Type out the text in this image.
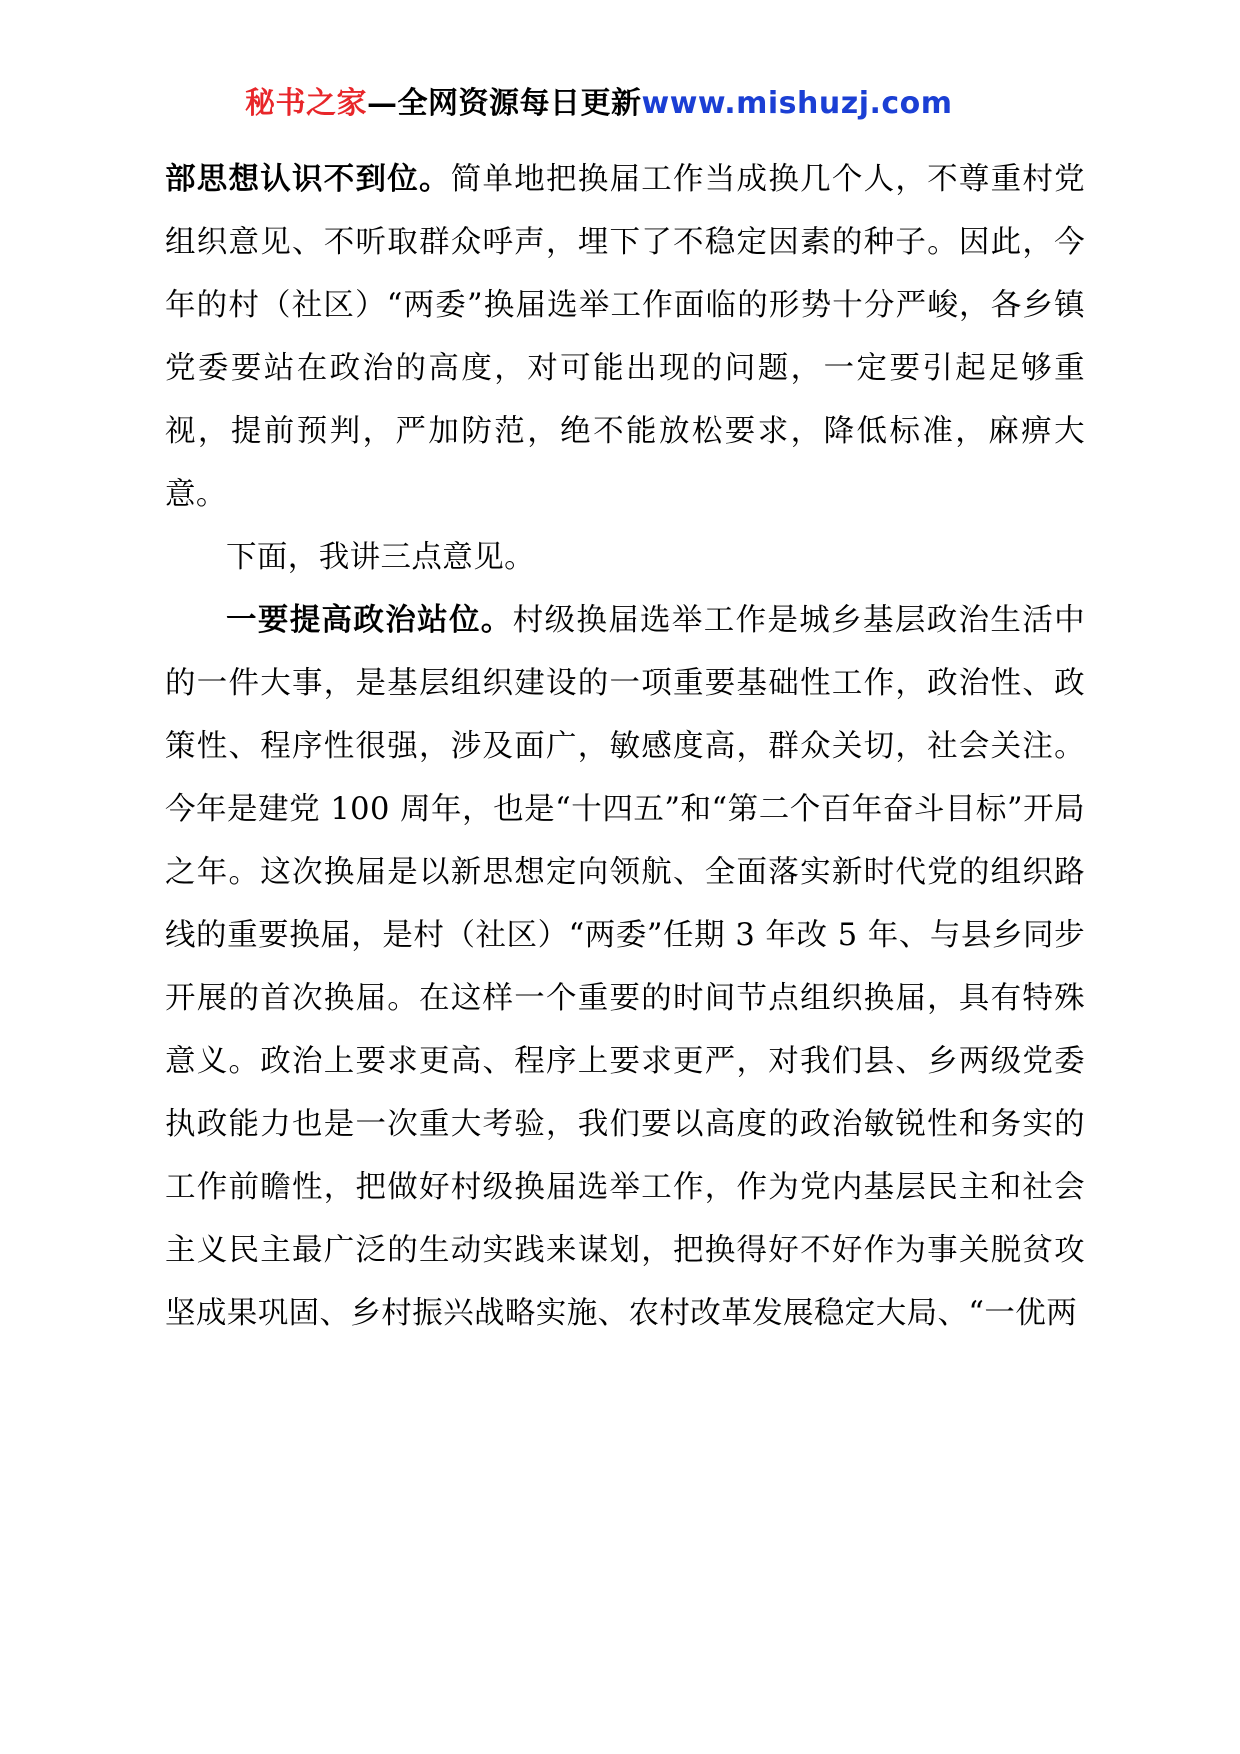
秘书之家—全网资源每日更新www.mishuzj.com

部思想认识不到位。简单地把换届工作当成换几个人，不尊重村党组织意见、不听取群众呼声，埋下了不稳定因素的种子。因此，今年的村（社区）“两委”换届选举工作面临的形势十分严峻，各乡镇党委要站在政治的高度，对可能出现的问题，一定要引起足够重视，提前预判，严加防范，绝不能放松要求，降低标准，麻痹大意。

下面，我讲三点意见。

一要提高政治站位。村级换届选举工作是城乡基层政治生活中的一件大事，是基层组织建设的一项重要基础性工作，政治性、政策性、程序性很强，涉及面广，敏感度高，群众关切，社会关注。今年是建党 100 周年，也是“十四五”和“第二个百年奋斗目标”开局之年。这次换届是以新思想定向领航、全面落实新时代党的组织路线的重要换届，是村（社区）“两委”任期 3 年改 5 年、与县乡同步开展的首次换届。在这样一个重要的时间节点组织换届，具有特殊意义。政治上要求更高、程序上要求更严，对我们县、乡两级党委执政能力也是一次重大考验，我们要以高度的政治敏锐性和务实的工作前瞻性，把做好村级换届选举工作，作为党内基层民主和社会主义民主最广泛的生动实践来谋划，把换得好不好作为事关脱贫攻坚成果巩固、乡村振兴战略实施、农村改革发展稳定大局、“一优两
